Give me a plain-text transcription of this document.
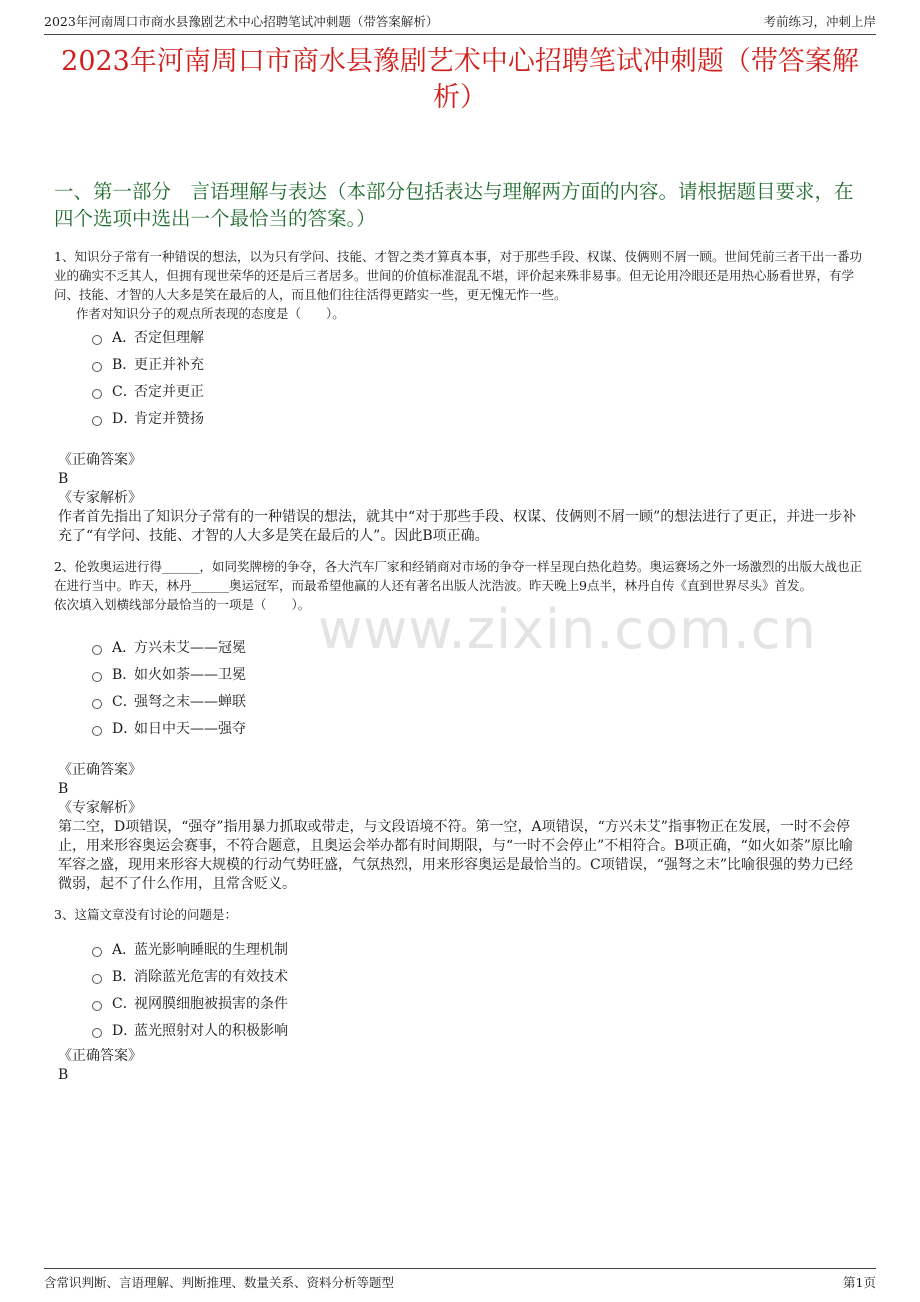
2023年河南周口市商水县豫剧艺术中心招聘笔试冲刺题（带答案解析）	考前练习，冲刺上岸
2023年河南周口市商水县豫剧艺术中心招聘笔试冲刺题（带答案解析）
一、第一部分　言语理解与表达（本部分包括表达与理解两方面的内容。请根据题目要求，在四个选项中选出一个最恰当的答案。）

1、知识分子常有一种错误的想法，以为只有学问、技能、才智之类才算真本事，对于那些手段、权谋、伎俩则不屑一顾。世间凭前三者干出一番功业的确实不乏其人，但拥有现世荣华的还是后三者居多。世间的价值标准混乱不堪，评价起来殊非易事。但无论用冷眼还是用热心肠看世界，有学问、技能、才智的人大多是笑在最后的人，而且他们往往活得更踏实一些，更无愧无怍一些。

作者对知识分子的观点所表现的态度是（　　）。

A．
否定但理解
B．
更正并补充
C．
否定并更正
D．
肯定并赞扬

《正确答案》

B

《专家解析》

作者首先指出了知识分子常有的一种错误的想法，就其中“对于那些手段、权谋、伎俩则不屑一顾”的想法进行了更正，并进一步补充了“有学问、技能、才智的人大多是笑在最后的人”。因此B项正确。

2、伦敦奥运进行得______，如同奖牌榜的争夺，各大汽车厂家和经销商对市场的争夺一样呈现白热化趋势。奥运赛场之外一场激烈的出版大战也正在进行当中。昨天，林丹______奥运冠军，而最希望他赢的人还有著名出版人沈浩波。昨天晚上9点半，林丹自传《直到世界尽头》首发。

依次填入划横线部分最恰当的一项是（　　）。

A．
方兴未艾——冠冕
B．
如火如荼——卫冕
C．
强弩之末——蝉联
D．
如日中天——强夺

《正确答案》

B

《专家解析》

第二空，D项错误，“强夺”指用暴力抓取或带走，与文段语境不符。第一空，A项错误，“方兴未艾”指事物正在发展，一时不会停止，用来形容奥运会赛事，不符合题意，且奥运会举办都有时间期限，与“一时不会停止”不相符合。B项正确，“如火如荼”原比喻军容之盛，现用来形容大规模的行动气势旺盛，气氛热烈，用来形容奥运是最恰当的。C项错误，“强弩之末”比喻很强的势力已经微弱，起不了什么作用，且常含贬义。

3、这篇文章没有讨论的问题是：

A．
蓝光影响睡眠的生理机制
B．
消除蓝光危害的有效技术
C．
视网膜细胞被损害的条件
D．
蓝光照射对人的积极影响

《正确答案》

B

www.zixin.com.cn
含常识判断、言语理解、判断推理、数量关系、资料分析等题型	第1页
